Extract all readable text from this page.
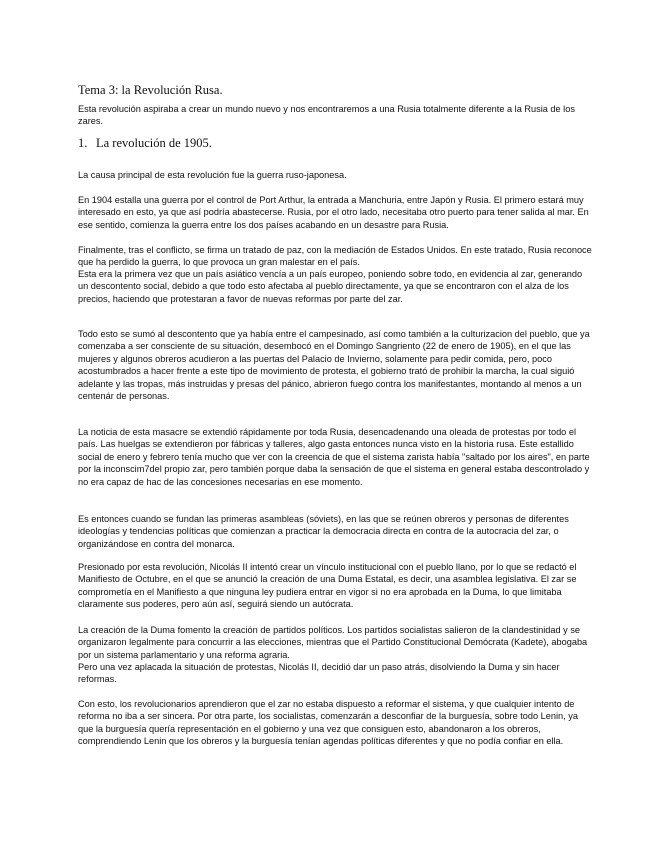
Tema 3: la Revolución Rusa.

Esta revolución aspiraba a crear un mundo nuevo y nos encontraremos a una Rusia totalmente diferente a la Rusia de los zares.

1. La revolución de 1905.

La causa principal de esta revolución fue la guerra ruso-japonesa.

En 1904 estalla una guerra por el control de Port Arthur, la entrada a Manchuria, entre Japón y Rusia. El primero estará muy interesado en esto, ya que así podría abastecerse. Rusia, por el otro lado, necesitaba otro puerto para tener salida al mar. En ese sentido, comienza la guerra entre los dos países acabando en un desastre para Rusia.

Finalmente, tras el conflicto, se firma un tratado de paz, con la mediación de Estados Unidos. En este tratado, Rusia reconoce que ha perdido la guerra, lo que provoca un gran malestar en el país.

Esta era la primera vez que un país asiático vencía a un país europeo, poniendo sobre todo, en evidencia al zar, generando un descontento social, debido a que todo esto afectaba al pueblo directamente, ya que se encontraron con el alza de los precios, haciendo que protestaran a favor de nuevas reformas por parte del zar.

Todo esto se sumó al descontento que ya había entre el campesinado, así como también a la culturizacion del pueblo, que ya comenzaba a ser consciente de su situación, desembocó en el Domingo Sangriento (22 de enero de 1905), en el que las mujeres y algunos obreros acudieron a las puertas del Palacio de Invierno, solamente para pedir comida, pero, poco acostumbrados a hacer frente a este tipo de movimiento de protesta, el gobierno trató de prohibir la marcha, la cual siguió adelante y las tropas, más instruidas y presas del pánico, abrieron fuego contra los manifestantes, montando al menos a un centenár de personas.

La noticia de esta masacre se extendió rápidamente por toda Rusia, desencadenando una oleada de protestas por todo el país. Las huelgas se extendieron por fábricas y talleres, algo gasta entonces nunca visto en la historia rusa. Este estallido social de enero y febrero tenía mucho que ver con la creencia de que el sistema zarista había "saltado por los aires", en parte por la inconscim7del propio zar, pero también porque daba la sensación de que el sistema en general estaba descontrolado y no era capaz de hac de las concesiones necesarias en ese momento.

Es entonces cuando se fundan las primeras asambleas (sóviets), en las que se reúnen obreros y personas de diferentes ideologías y tendencias políticas que comienzan a practicar la democracia directa en contra de la autocracia del zar, o organizándose en contra del monarca.

Presionado por esta revolución, Nicolás II intentó crear un vínculo institucional con el pueblo llano, por lo que se redactó el Manifiesto de Octubre, en el que se anunció la creación de una Duma Estatal, es decir, una asamblea legislativa. El zar se comprometía en el Manifiesto a que ninguna ley pudiera entrar en vigor si no era aprobada en la Duma, lo que limitaba claramente sus poderes, pero aún así, seguirá siendo un autócrata.

La creación de la Duma fomento la creación de partidos políticos. Los partidos socialistas salieron de la clandestinidad y se organizaron legalmente para concurrir a las elecciones, mientras que el Partido Constitucional Demócrata (Kadete), abogaba por un sistema parlamentario y una reforma agraria.

Pero una vez aplacada la situación de protestas, Nicolás II, decidió dar un paso atrás, disolviendo la Duma y sin hacer reformas.

Con esto, los revolucionarios aprendieron que el zar no estaba dispuesto a reformar el sistema, y que cualquier intento de reforma no iba a ser sincera. Por otra parte, los socialistas, comenzarán a desconfiar de la burguesía, sobre todo Lenin, ya que la burguesía quería representación en el gobierno y una vez que consiguen esto, abandonaron a los obreros, comprendiendo Lenin que los obreros y la burguesía tenían agendas políticas diferentes y que no podía confiar en ella.
